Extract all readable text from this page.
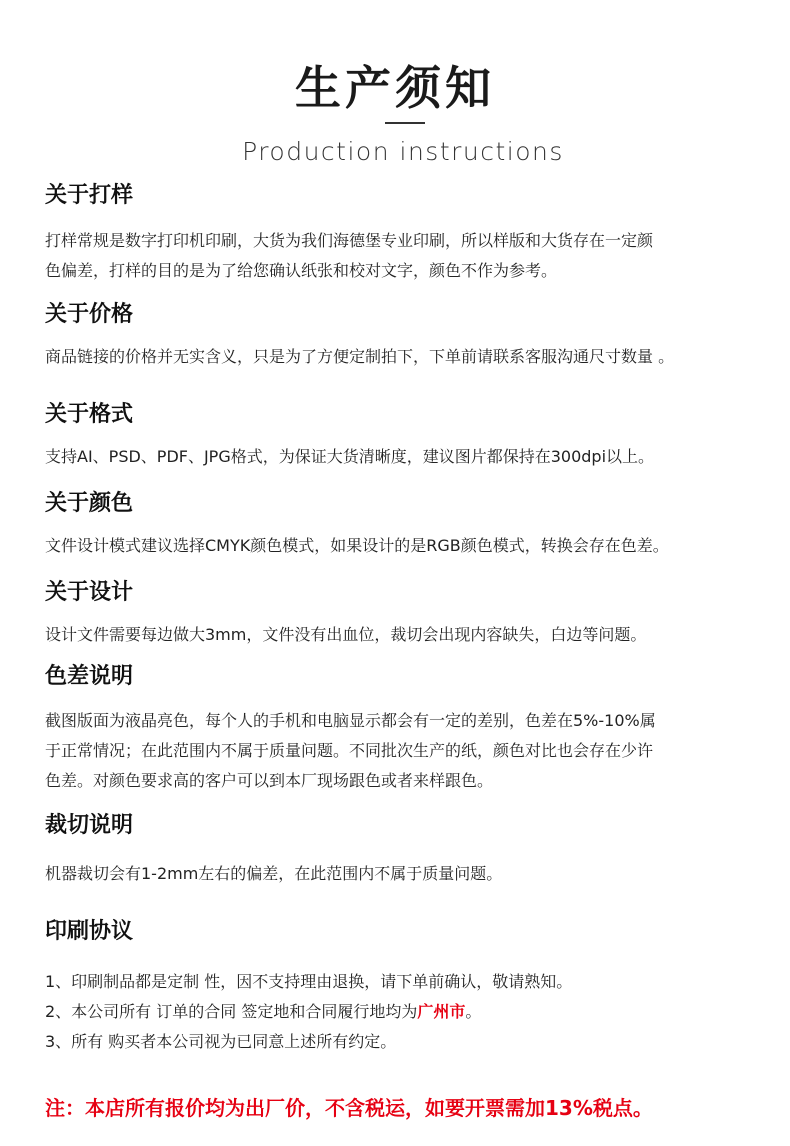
生产须知
Production instructions
关于打样

打样常规是数字打印机印刷，大货为我们海德堡专业印刷，所以样版和大货存在一定颜
色偏差，打样的目的是为了给您确认纸张和校对文字，颜色不作为参考。

关于价格

商品链接的价格并无实含义，只是为了方便定制拍下，下单前请联系客服沟通尺寸数量 。

关于格式

支持AI、PSD、PDF、JPG格式，为保证大货清晰度，建议图片都保持在300dpi以上。

关于颜色

文件设计模式建议选择CMYK颜色模式，如果设计的是RGB颜色模式，转换会存在色差。

关于设计

设计文件需要每边做大3mm，文件没有出血位，裁切会出现内容缺失，白边等问题。

色差说明

截图版面为液晶亮色，每个人的手机和电脑显示都会有一定的差别，色差在5%-10%属
于正常情况；在此范围内不属于质量问题。不同批次生产的纸，颜色对比也会存在少许
色差。对颜色要求高的客户可以到本厂现场跟色或者来样跟色。

裁切说明

机器裁切会有1-2mm左右的偏差，在此范围内不属于质量问题。

印刷协议

1、印刷制品都是定制 性，因不支持理由退换，请下单前确认，敬请熟知。
2、本公司所有 订单的合同 签定地和合同履行地均为广州市。
3、所有 购买者本公司视为已同意上述所有约定。

注：本店所有报价均为出厂价，不含税运，如要开票需加13%税点。
